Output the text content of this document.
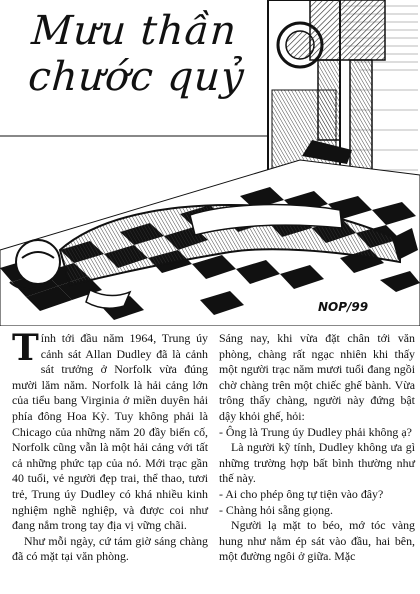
Mưu thần
chước quỷ
NOP/99

Tính tới đầu năm 1964, Trung úy cảnh sát Allan Dudley đã là cảnh sát trưởng ở Norfolk vừa đúng mười lăm năm. Norfolk là hải cảng lớn của tiểu bang Virginia ở miền duyên hải phía đông Hoa Kỳ. Tuy không phải là Chicago của những năm 20 đầy biến cố, Norfolk cũng vẫn là một hải cảng với tất cả những phức tạp của nó. Mới trạc gần 40 tuổi, vẻ người đẹp trai, thể thao, tươi trẻ, Trung úy Dudley có khá nhiều kinh nghiệm nghề nghiệp, và được coi như đang nắm trong tay địa vị vững chãi.

Như mỗi ngày, cứ tám giờ sáng chàng đã có mặt tại văn phòng.

Sáng nay, khi vừa đặt chân tới văn phòng, chàng rất ngạc nhiên khi thấy một người trạc năm mươi tuổi đang ngồi chờ chàng trên một chiếc ghế bành. Vừa trông thấy chàng, người này đứng bật dậy khỏi ghế, hỏi:

- Ông là Trung úy Dudley phải không ạ?

Là người kỹ tính, Dudley không ưa gì những trường hợp bất bình thường như thế này.

- Ai cho phép ông tự tiện vào đây?

- Chàng hỏi sẵng giọng.

Người lạ mặt to béo, mớ tóc vàng hung như nằm ép sát vào đầu, hai bên, một đường ngôi ở giữa. Mặc
